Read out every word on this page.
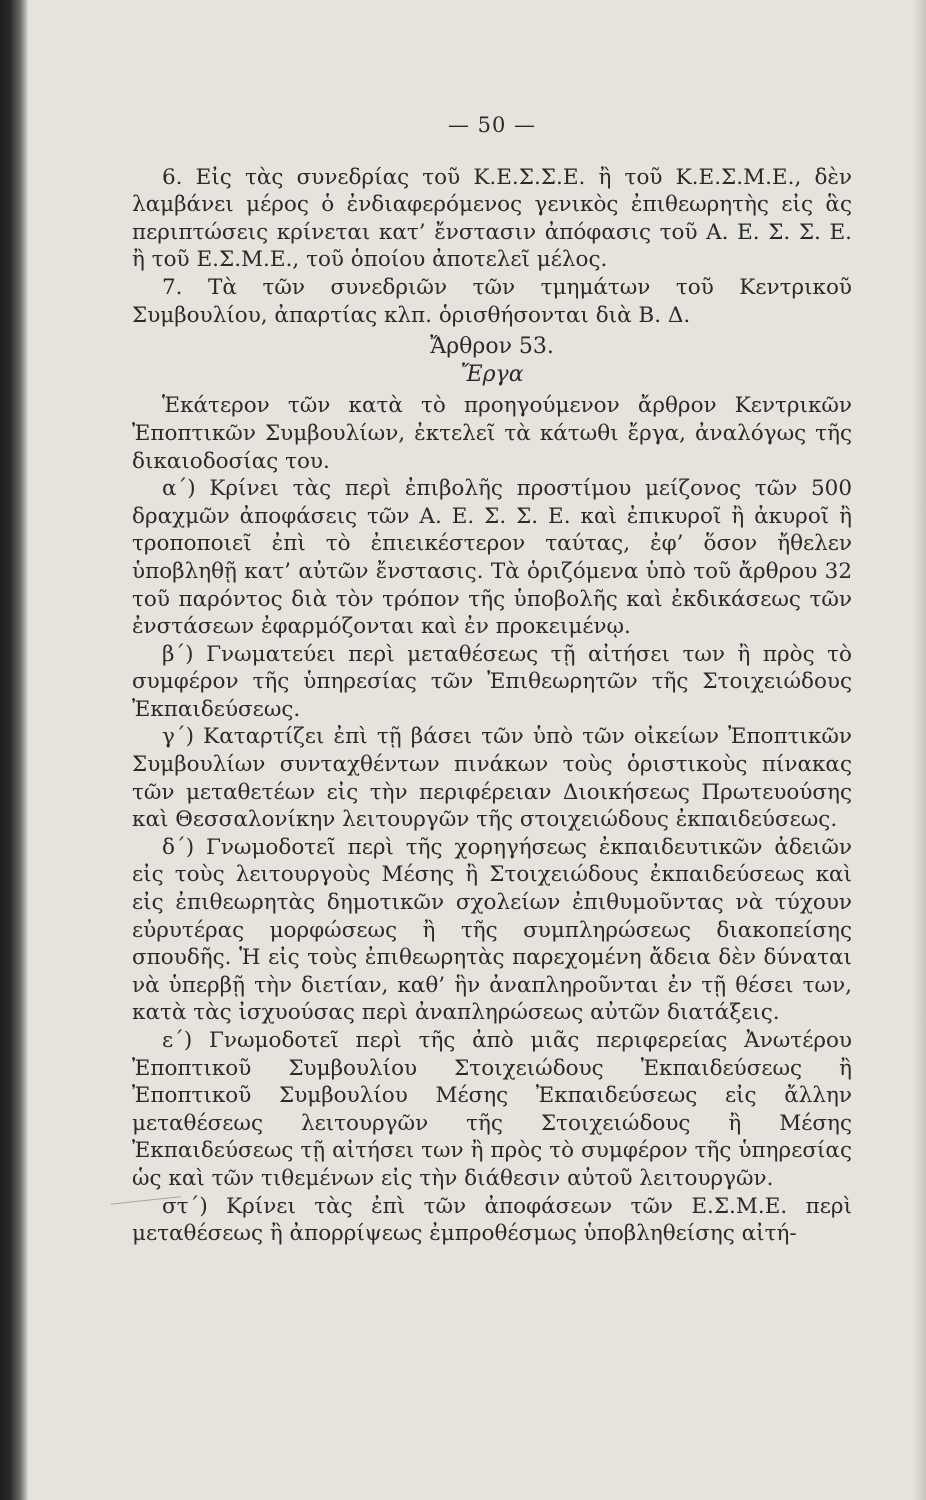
— 50 —

6. Εἰς τὰς συνεδρίας τοῦ Κ.Ε.Σ.Σ.Ε. ἢ τοῦ Κ.Ε.Σ.Μ.Ε., δὲν λαμβάνει μέρος ὁ ἐνδιαφερόμενος γενικὸς ἐπιθεωρητὴς εἰς ἃς περιπτώσεις κρίνεται κατ’ ἔνστασιν ἀπόφασις τοῦ Α. Ε. Σ. Σ. Ε. ἢ τοῦ Ε.Σ.Μ.Ε., τοῦ ὁποίου ἀποτελεῖ μέλος.

7. Τὰ τῶν συνεδριῶν τῶν τμημάτων τοῦ Κεντρικοῦ Συμβουλίου, ἀπαρτίας κλπ. ὁρισθήσονται διὰ Β. Δ.

Ἄρθρον 53.
Ἔργα

Ἑκάτερον τῶν κατὰ τὸ προηγούμενον ἄρθρον Κεντρικῶν Ἐποπτικῶν Συμβουλίων, ἐκτελεῖ τὰ κάτωθι ἔργα, ἀναλόγως τῆς δικαιοδοσίας του.

α΄) Κρίνει τὰς περὶ ἐπιβολῆς προστίμου μείζονος τῶν 500 δραχμῶν ἀποφάσεις τῶν Α. Ε. Σ. Σ. Ε. καὶ ἐπικυροῖ ἢ ἀκυροῖ ἢ τροποποιεῖ ἐπὶ τὸ ἐπιεικέστερον ταύτας, ἐφ’ ὅσον ἤθελεν ὑποβληθῇ κατ’ αὐτῶν ἔνστασις. Τὰ ὁριζόμενα ὑπὸ τοῦ ἄρθρου 32 τοῦ παρόντος διὰ τὸν τρόπον τῆς ὑποβολῆς καὶ ἐκδικάσεως τῶν ἐνστάσεων ἐφαρμόζονται καὶ ἐν προκειμένῳ.

β΄) Γνωματεύει περὶ μεταθέσεως τῇ αἰτήσει των ἢ πρὸς τὸ συμφέρον τῆς ὑπηρεσίας τῶν Ἐπιθεωρητῶν τῆς Στοιχειώδους Ἐκπαιδεύσεως.

γ΄) Καταρτίζει ἐπὶ τῇ βάσει τῶν ὑπὸ τῶν οἰκείων Ἐποπτικῶν Συμβουλίων συνταχθέντων πινάκων τοὺς ὁριστικοὺς πίνακας τῶν μεταθετέων εἰς τὴν περιφέρειαν Διοικήσεως Πρωτευούσης καὶ Θεσσαλονίκην λειτουργῶν τῆς στοιχειώδους ἐκπαιδεύσεως.

δ΄) Γνωμοδοτεῖ περὶ τῆς χορηγήσεως ἐκπαιδευτικῶν ἀδειῶν εἰς τοὺς λειτουργοὺς Μέσης ἢ Στοιχειώδους ἐκπαιδεύσεως καὶ εἰς ἐπιθεωρητὰς δημοτικῶν σχολείων ἐπιθυμοῦντας νὰ τύχουν εὐρυτέρας μορφώσεως ἢ τῆς συμπληρώσεως διακοπείσης σπουδῆς. Ἡ εἰς τοὺς ἐπιθεωρητὰς παρεχομένη ἄδεια δὲν δύναται νὰ ὑπερβῇ τὴν διετίαν, καθ’ ἣν ἀναπληροῦνται ἐν τῇ θέσει των, κατὰ τὰς ἰσχυούσας περὶ ἀναπληρώσεως αὐτῶν διατάξεις.

ε΄) Γνωμοδοτεῖ περὶ τῆς ἀπὸ μιᾶς περιφερείας Ἀνωτέρου Ἐποπτικοῦ Συμβουλίου Στοιχειώδους Ἐκπαιδεύσεως ἢ Ἐποπτικοῦ Συμβουλίου Μέσης Ἐκπαιδεύσεως εἰς ἄλλην μεταθέσεως λειτουργῶν τῆς Στοιχειώδους ἢ Μέσης Ἐκπαιδεύσεως τῇ αἰτήσει των ἢ πρὸς τὸ συμφέρον τῆς ὑπηρεσίας ὡς καὶ τῶν τιθεμένων εἰς τὴν διάθεσιν αὐτοῦ λειτουργῶν.

στ΄) Κρίνει τὰς ἐπὶ τῶν ἀποφάσεων τῶν Ε.Σ.Μ.Ε. περὶ μεταθέσεως ἢ ἀπορρίψεως ἐμπροθέσμως ὑποβληθείσης αἰτή-
